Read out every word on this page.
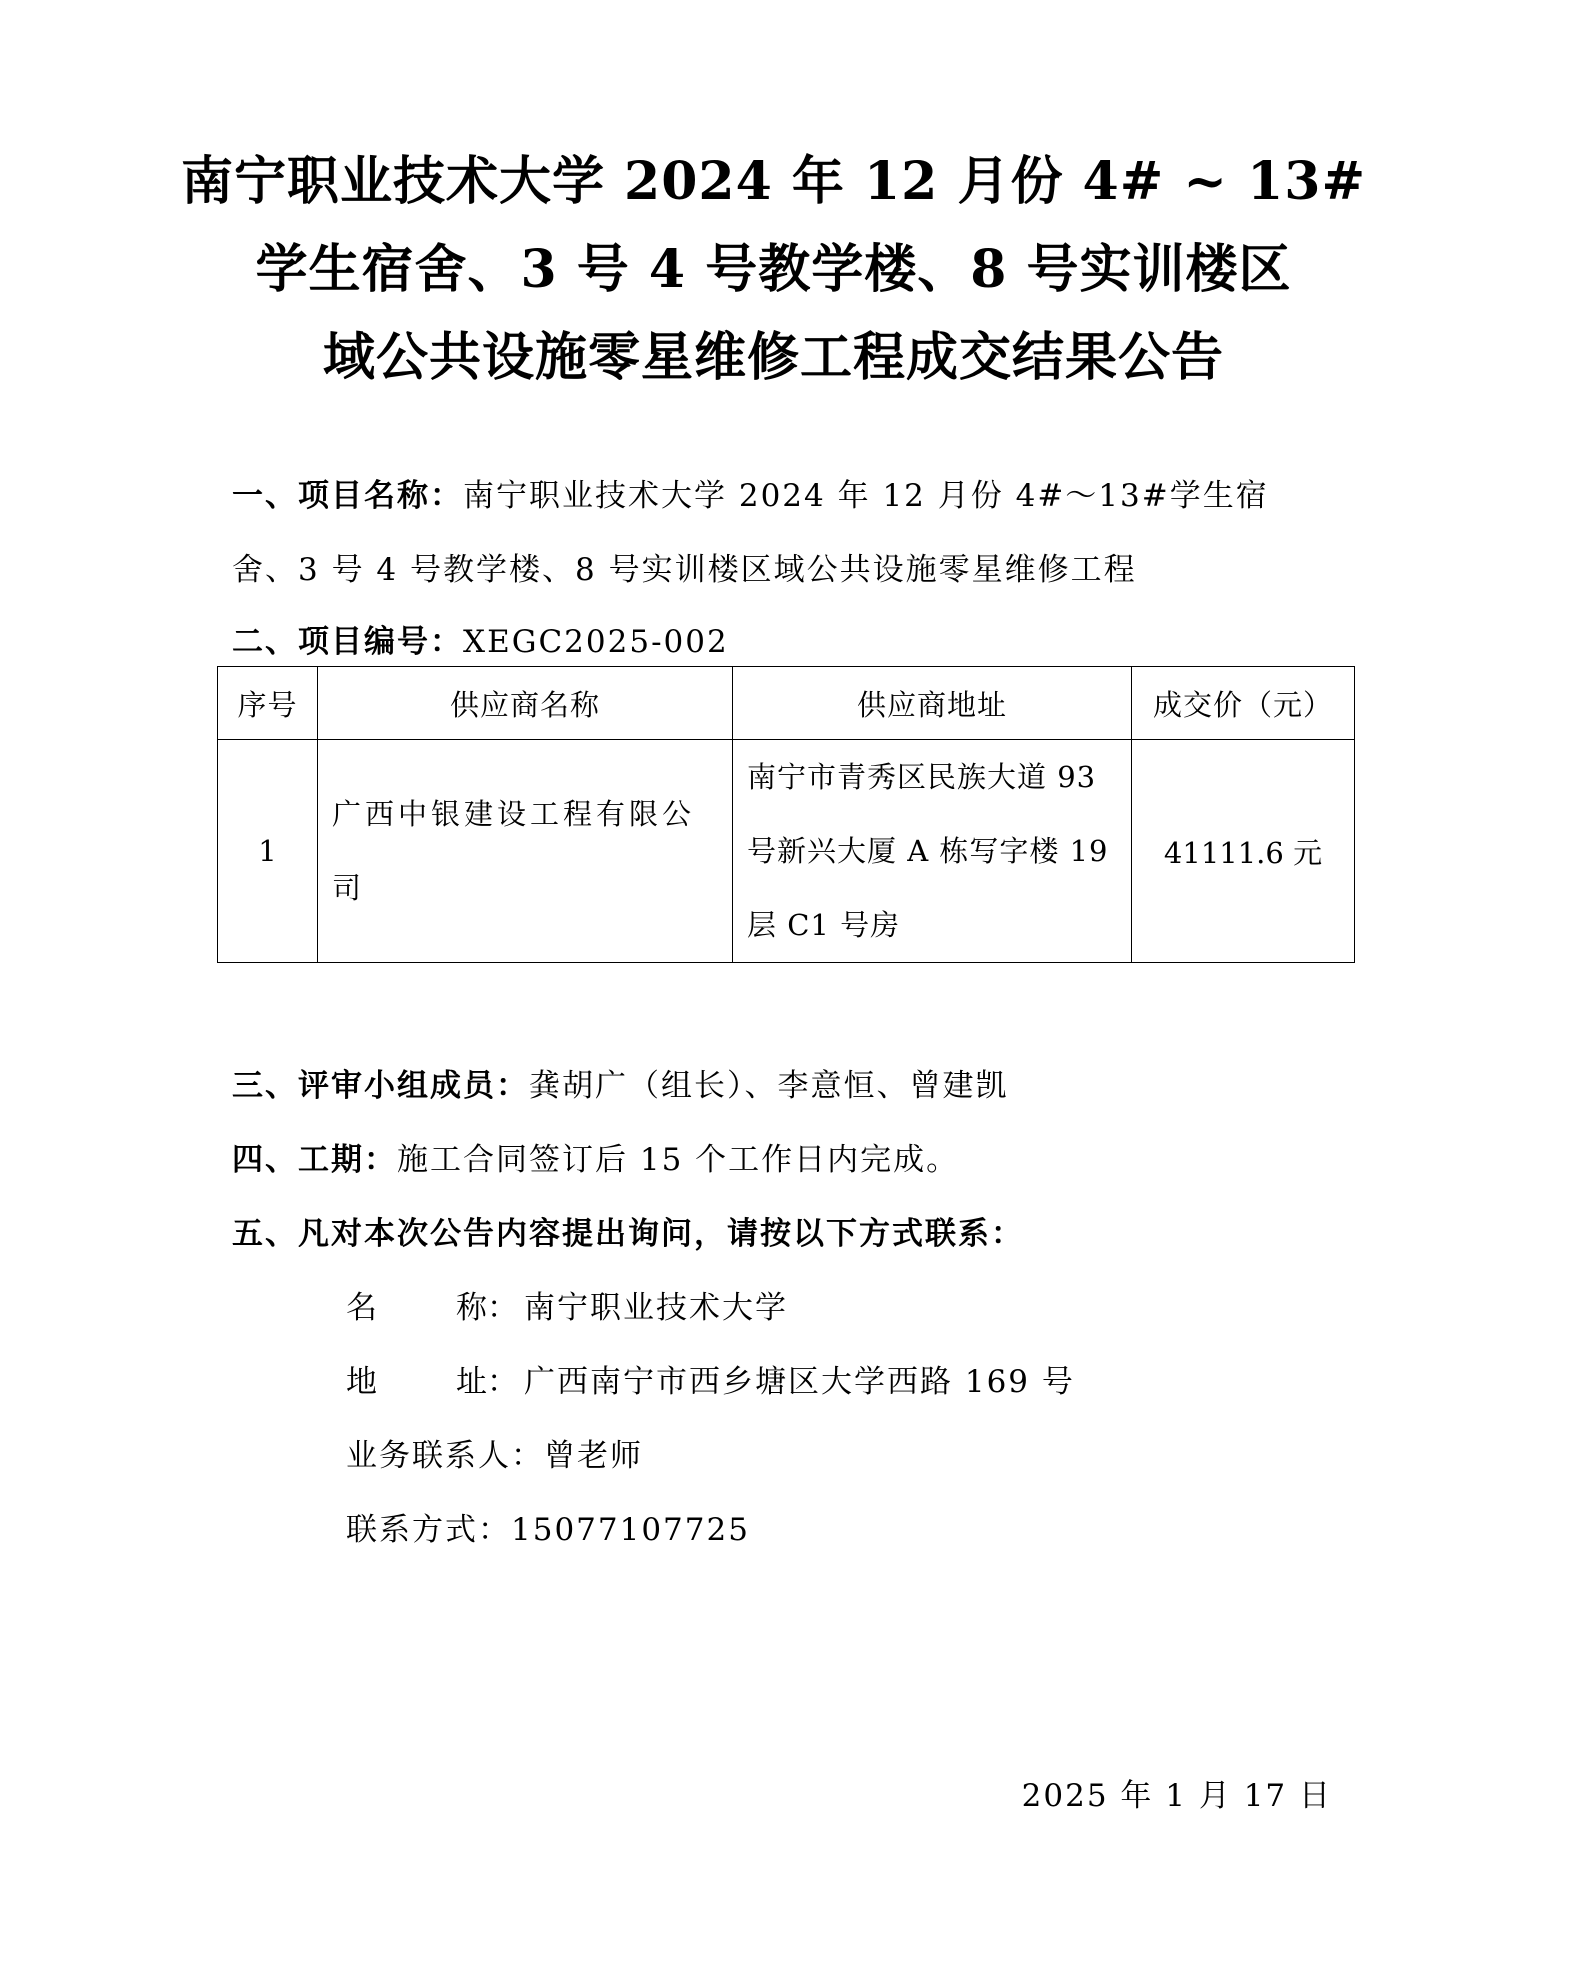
南宁职业技术大学 2024 年 12 月份 4# ~ 13#
学生宿舍、3 号 4 号教学楼、8 号实训楼区
域公共设施零星维修工程成交结果公告
一、项目名称：南宁职业技术大学 2024 年 12 月份 4#～13#学生宿
舍、3 号 4 号教学楼、8 号实训楼区域公共设施零星维修工程
二、项目编号：XEGC2025-002
序号	供应商名称	供应商地址	成交价（元）
1	广西中银建设工程有限公司	南宁市青秀区民族大道 93 号新兴大厦 A 栋写字楼 19 层 C1 号房	41111.6 元
三、评审小组成员：龚胡广（组长）、李意恒、曾建凯
四、工期：施工合同签订后 15 个工作日内完成。
五、凡对本次公告内容提出询问，请按以下方式联系：
名	称： 南宁职业技术大学
地	址： 广西南宁市西乡塘区大学西路 169 号
业务联系人：曾老师
联系方式：15077107725
2025 年 1 月 17 日
